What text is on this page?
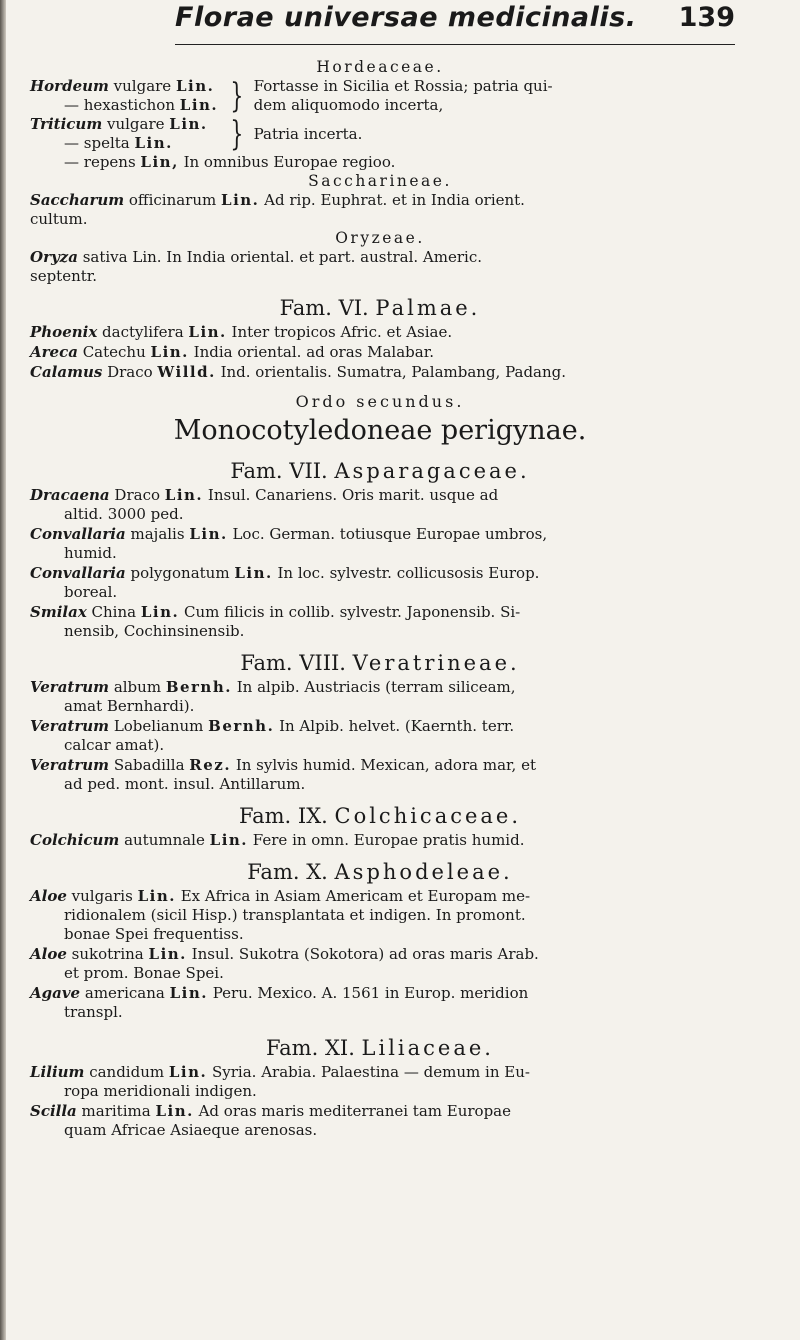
Florae universae medicinalis. 139
Hordeaceae.
Hordeum vulgare Lin.
— hexastichon Lin. } Fortasse in Sicilia et Rossia; patria qui-
dem aliquomodo incerta,
Triticum vulgare Lin.
— spelta Lin.	} Patria incerta.
— repens Lin, In omnibus Europae regioo.
Saccharineae.
Saccharum officinarum Lin. Ad rip. Euphrat. et in India orient.
cultum.
Oryzeae.
Oryza sativa Lin. In India oriental. et part. austral. Americ.
septentr.
Fam. VI. Palmae.
Phoenix dactylifera Lin. Inter tropicos Afric. et Asiae.
Areca Catechu Lin. India oriental. ad oras Malabar.
Calamus Draco Willd. Ind. orientalis. Sumatra, Palambang, Padang.
Ordo secundus.
Monocotyledoneae perigynae.
Fam. VII. Asparagaceae.
Dracaena Draco Lin. Insul. Canariens. Oris marit. usque ad
altid. 3000 ped.
Convallaria majalis Lin. Loc. German. totiusque Europae umbros,
humid.
Convallaria polygonatum Lin. In loc. sylvestr. collicusosis Europ.
boreal.
Smilax China Lin. Cum filicis in collib. sylvestr. Japonensib. Si-
nensib, Cochinsinensib.
Fam. VIII. Veratrineae.
Veratrum album Bernh. In alpib. Austriacis (terram siliceam,
amat Bernhardi).
Veratrum Lobelianum Bernh. In Alpib. helvet. (Kaernth. terr.
calcar amat).
Veratrum Sabadilla Rez. In sylvis humid. Mexican, adora mar, et
ad ped. mont. insul. Antillarum.
Fam. IX. Colchicaceae.
Colchicum autumnale Lin. Fere in omn. Europae pratis humid.
Fam. X. Asphodeleae.
Aloe vulgaris Lin. Ex Africa in Asiam Americam et Europam me-
ridionalem (sicil Hisp.) transplantata et indigen. In promont.
bonae Spei frequentiss.
Aloe sukotrina Lin. Insul. Sukotra (Sokotora) ad oras maris Arab.
et prom. Bonae Spei.
Agave americana Lin. Peru. Mexico. A. 1561 in Europ. meridion
transpl.
Fam. XI. Liliaceae.
Lilium candidum Lin. Syria. Arabia. Palaestina — demum in Eu-
ropa meridionali indigen.
Scilla maritima Lin. Ad oras maris mediterranei tam Europae
quam Africae Asiaeque arenosas.
